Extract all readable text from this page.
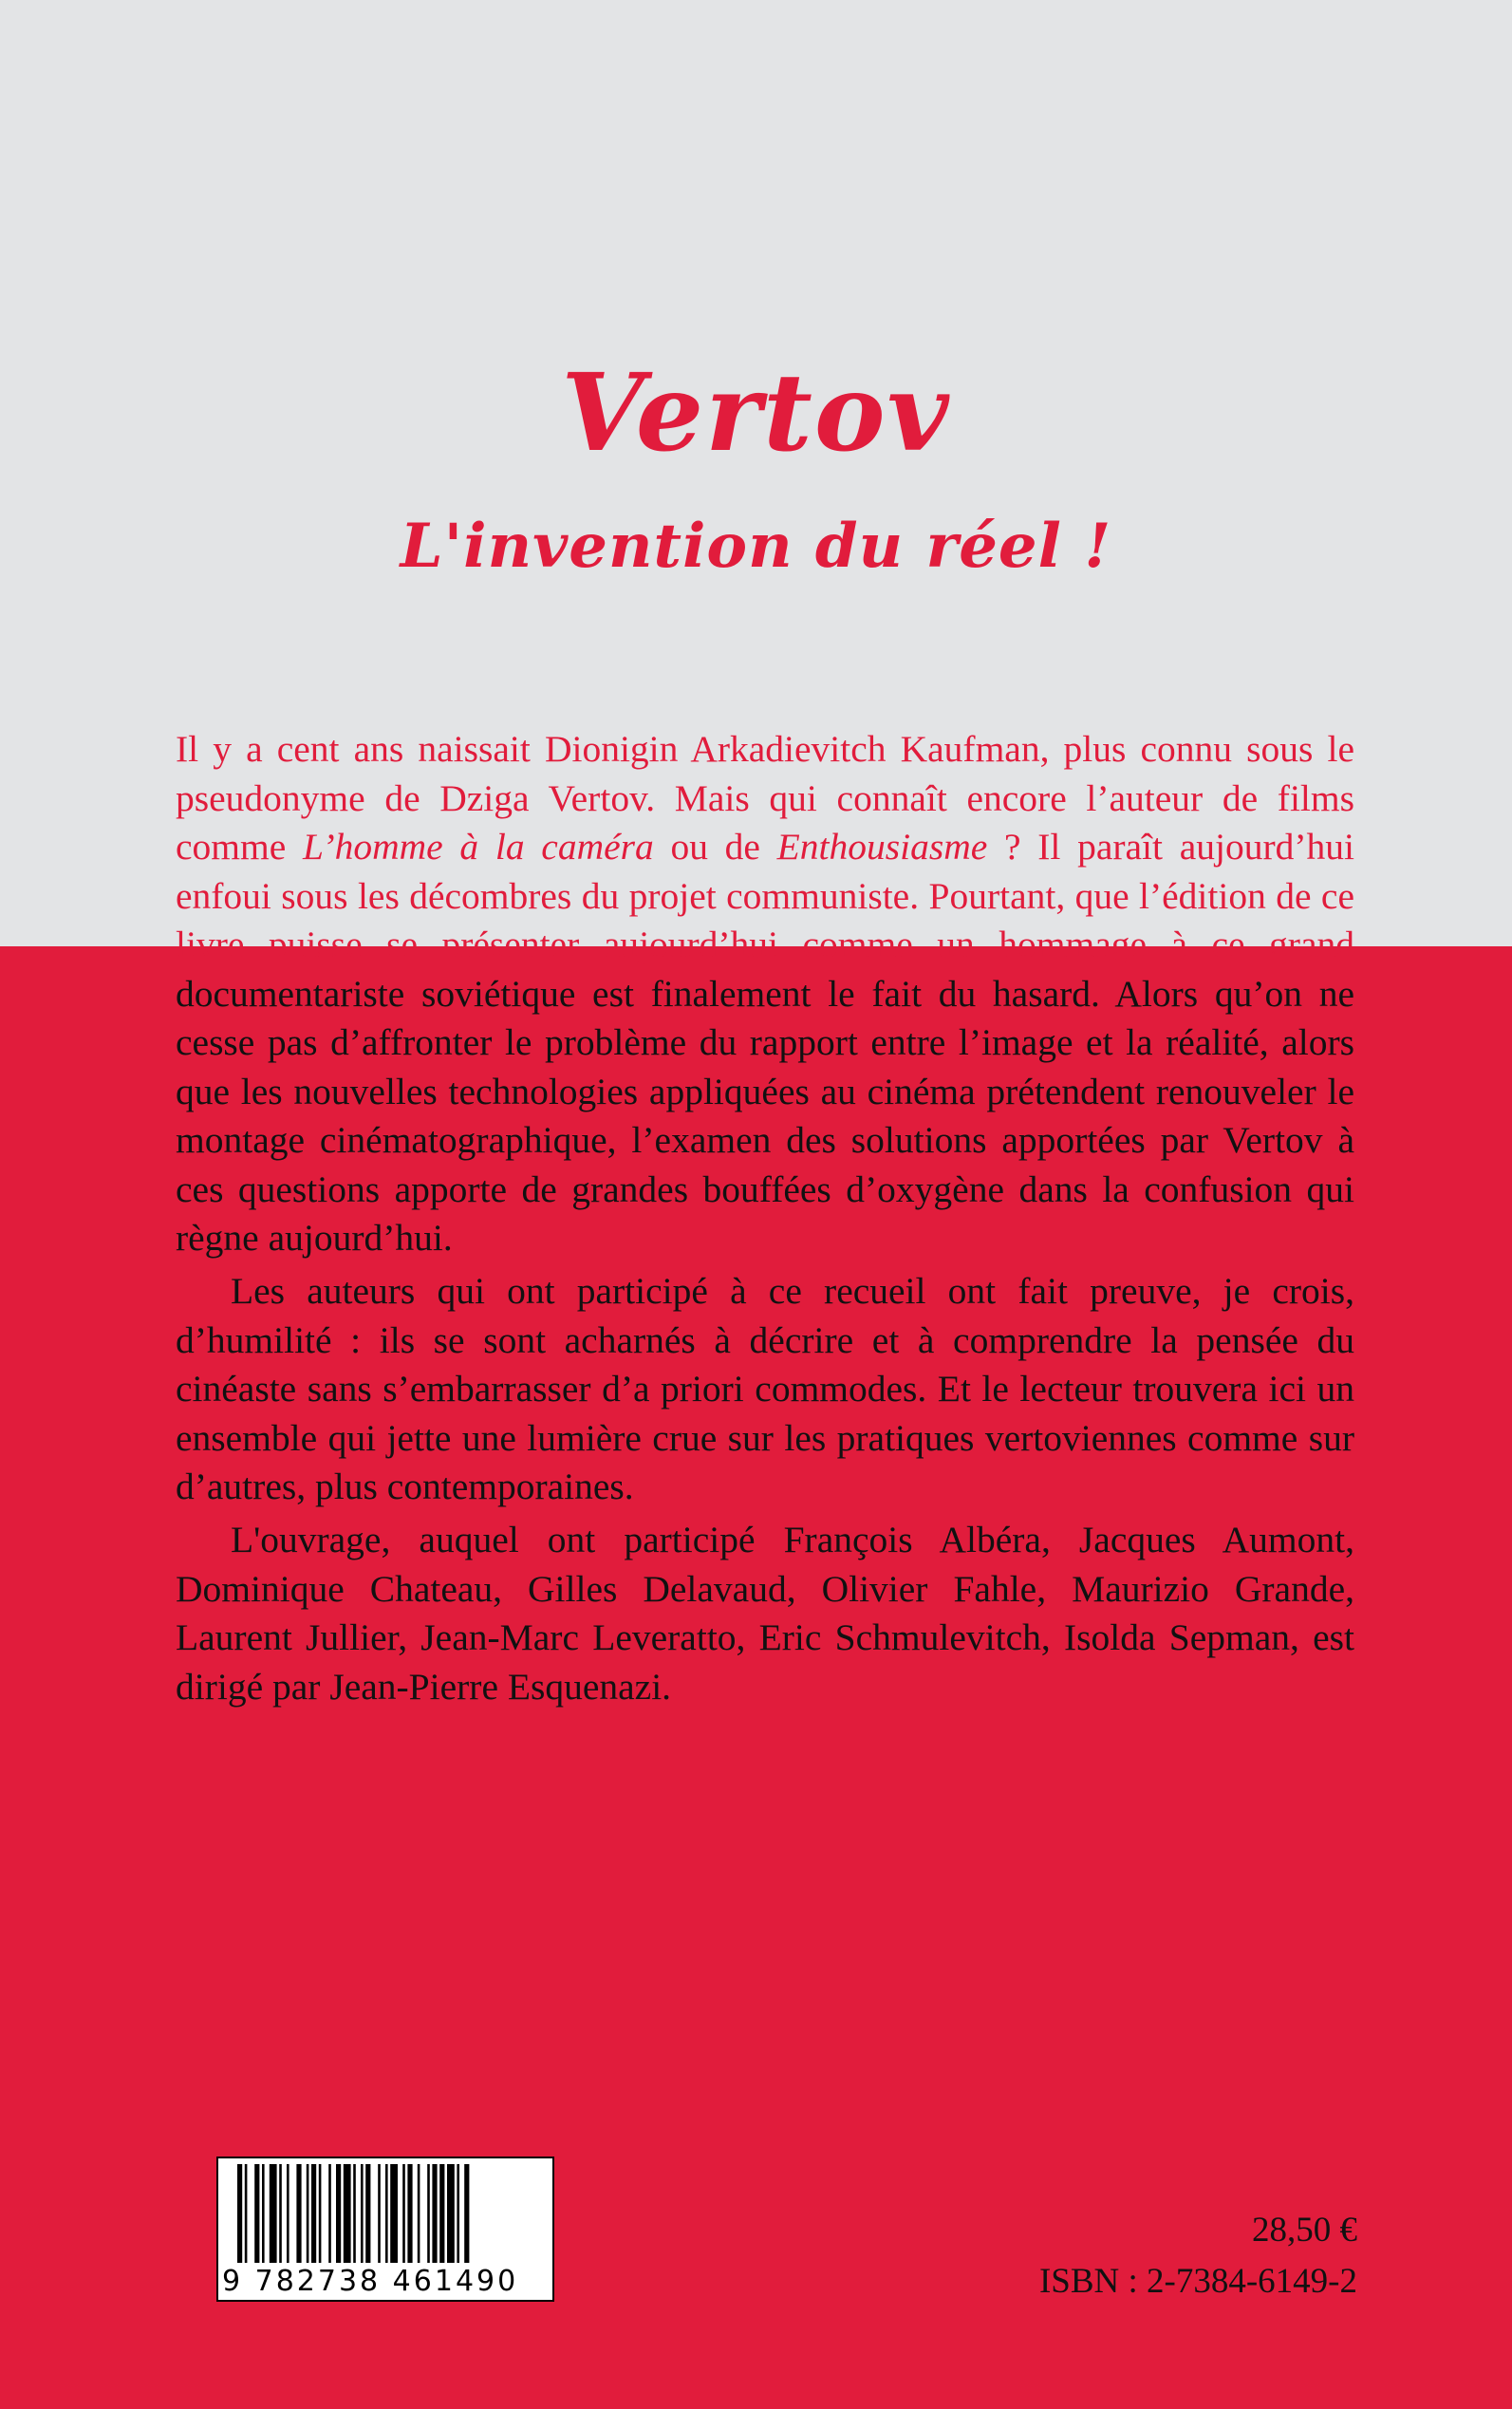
Vertov
L'invention du réel !

Il y a cent ans naissait Dionigin Arkadievitch Kaufman, plus connu sous le pseudonyme de Dziga Vertov. Mais qui connaît encore l’auteur de films comme L’homme à la caméra ou de Enthousiasme ? Il paraît aujourd’hui enfoui sous les décombres du projet communiste. Pourtant, que l’édition de ce livre puisse se présenter aujourd’hui comme un hommage à ce grand documentariste soviétique est finalement le fait du hasard. Alors qu’on ne cesse pas d’affronter le problème du rapport entre l’image et la réalité, alors que les nouvelles technologies appliquées au cinéma prétendent renouveler le montage cinématographique, l’examen des solutions apportées par Vertov à ces questions apporte de grandes bouffées d’oxygène dans la confusion qui règne aujourd’hui.

Les auteurs qui ont participé à ce recueil ont fait preuve, je crois, d’humilité : ils se sont acharnés à décrire et à comprendre la pensée du cinéaste sans s’embarrasser d’a priori commodes. Et le lecteur trouvera ici un ensemble qui jette une lumière crue sur les pratiques vertoviennes comme sur d’autres, plus contemporaines.

L'ouvrage, auquel ont participé François Albéra, Jacques Aumont, Dominique Chateau, Gilles Delavaud, Olivier Fahle, Maurizio Grande, Laurent Jullier, Jean-Marc Leveratto, Eric Schmulevitch, Isolda Sepman, est dirigé par Jean-Pierre Esquenazi.

9 782738 461490

28,50 €

ISBN : 2-7384-6149-2
